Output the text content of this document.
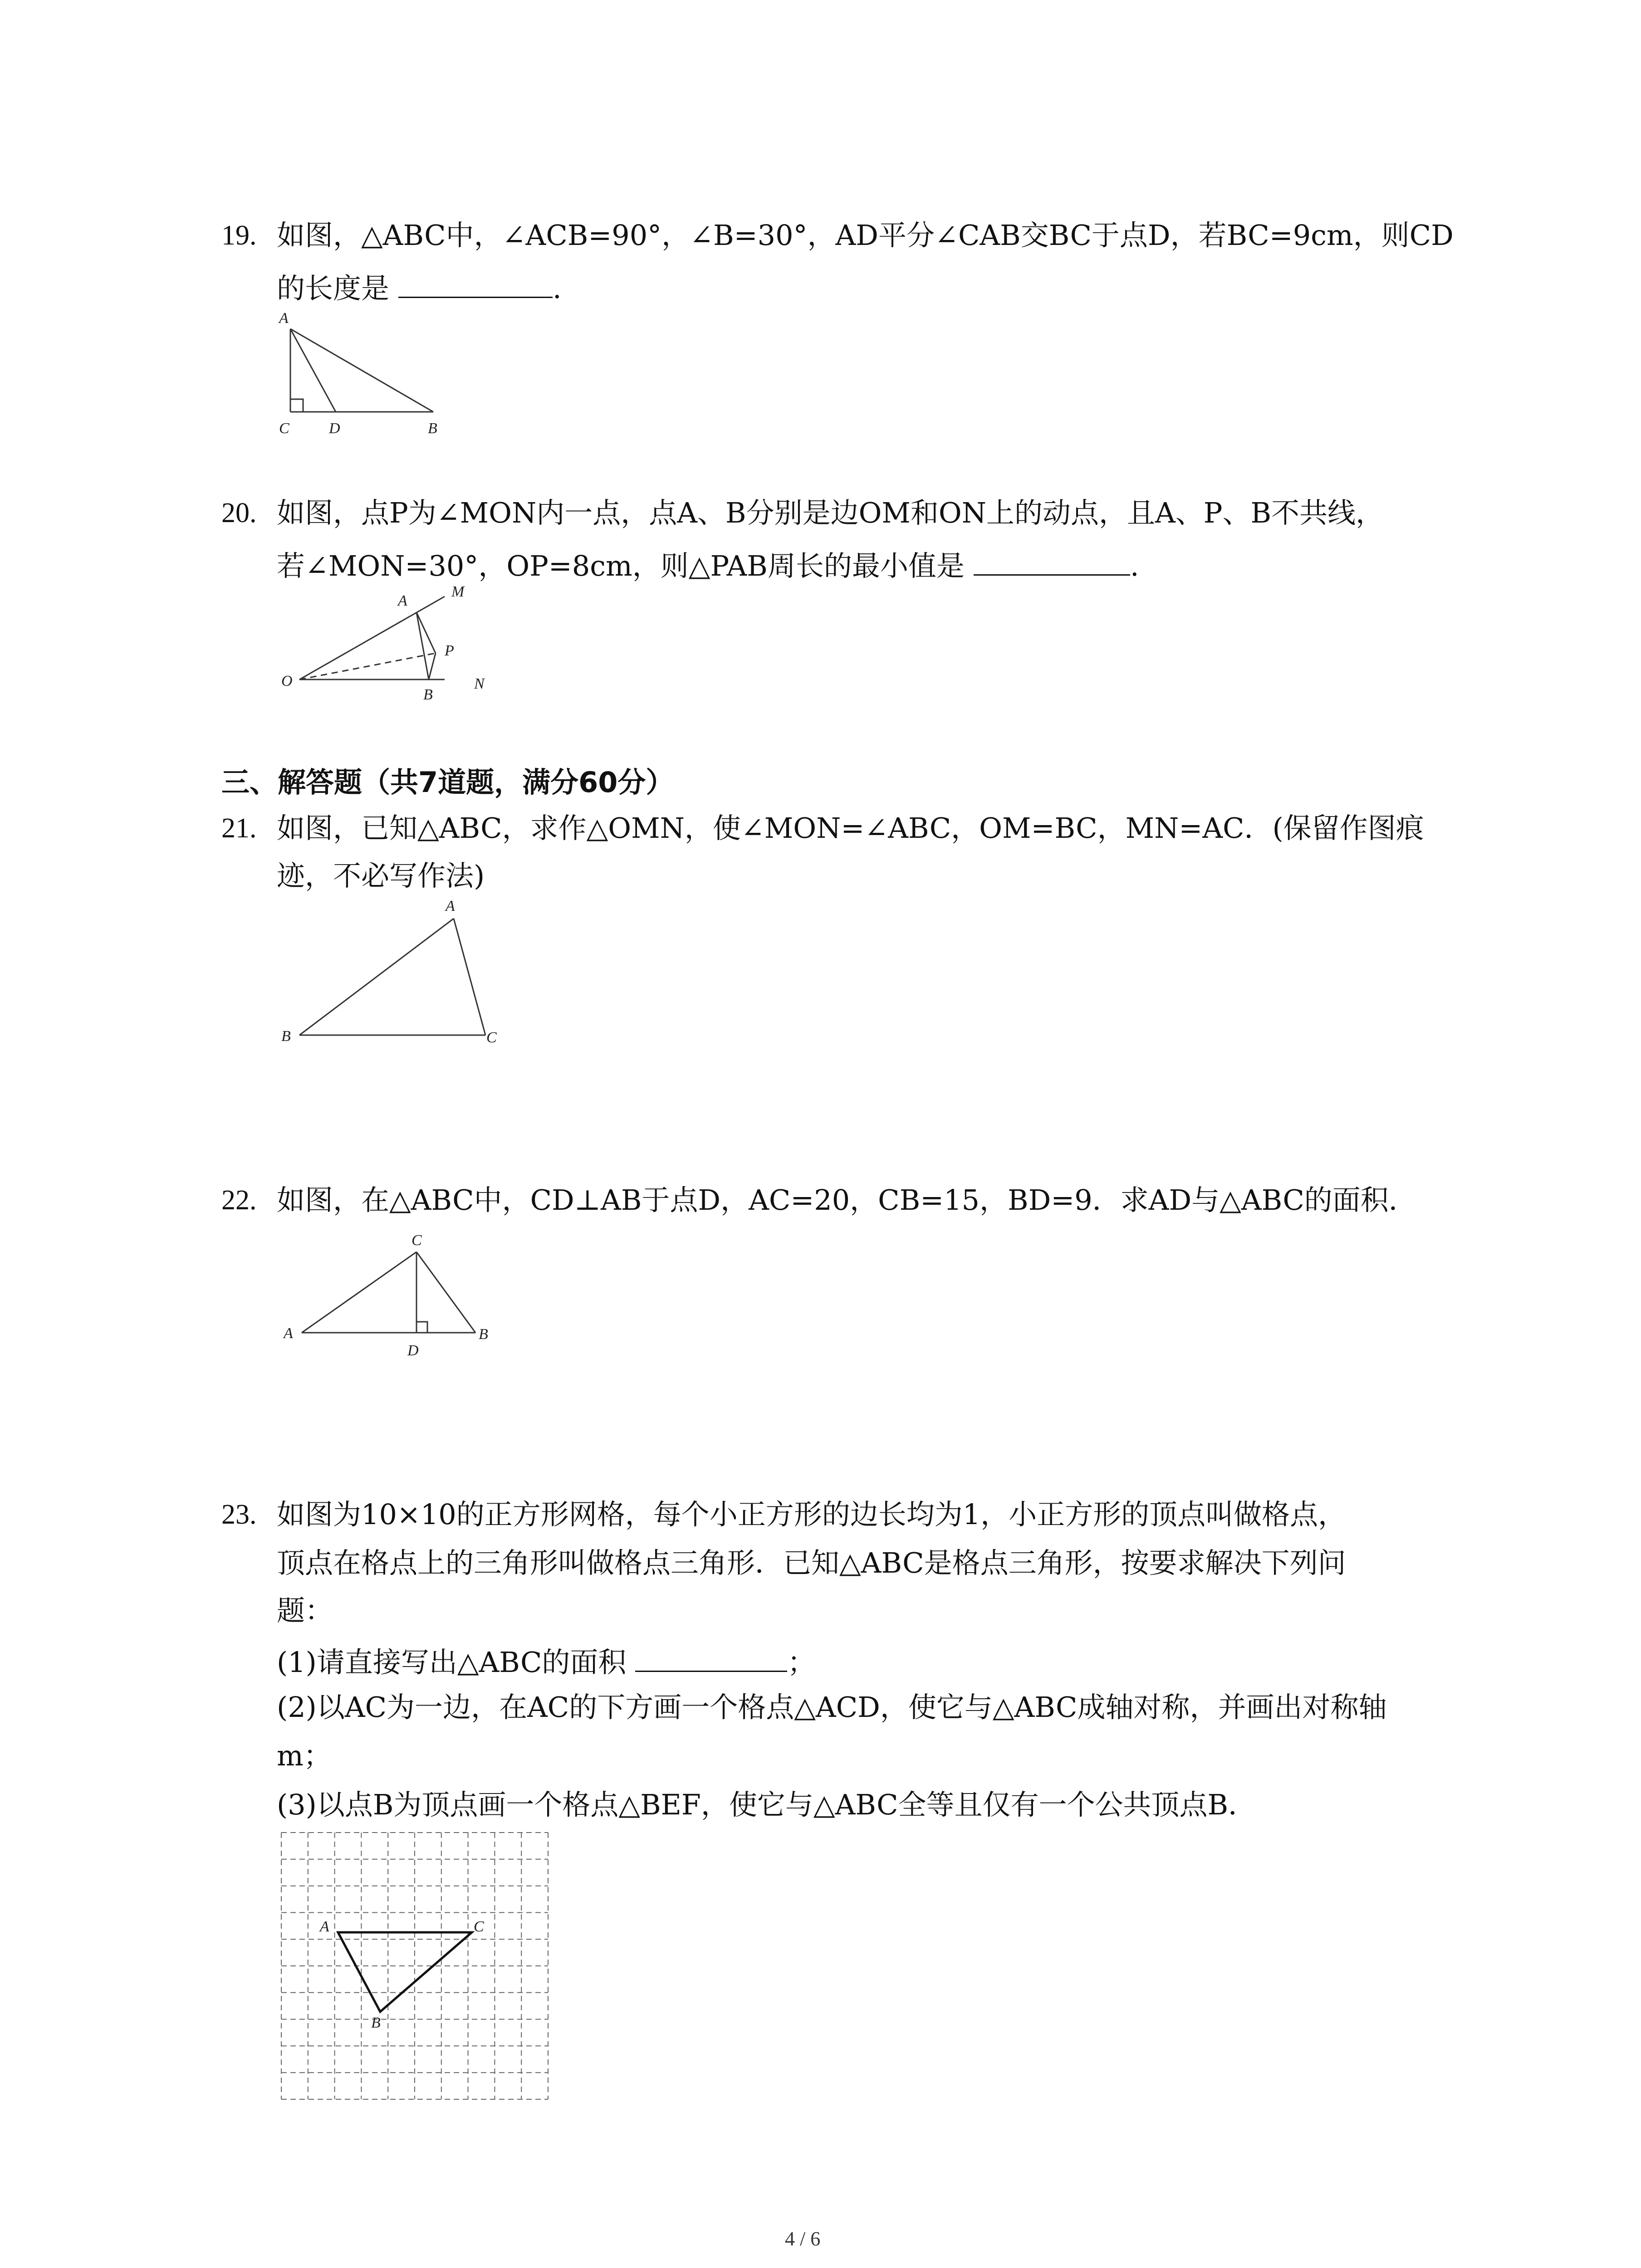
19. 如图，△ABC中，∠ACB=90°，∠B=30°，AD平分∠CAB交BC于点D，若BC=9cm，则CD
的长度是	.
A
C	D	B
20. 如图，点P为∠MON内一点，点A、B分别是边OM和ON上的动点，且A、P、B不共线，
若∠MON=30°，OP=8cm，则△PAB周长的最小值是	.
A
M
P
O
B
N
三、解答题（共7道题，满分60分）
21. 如图，已知△ABC，求作△OMN，使∠MON=∠ABC，OM=BC，MN=AC．(保留作图痕
迹，不必写作法)
A
B	C
22. 如图，在△ABC中，CD⊥AB于点D，AC=20，CB=15，BD=9．求AD与△ABC的面积．
C
A
D
B
23. 如图为10×10的正方形网格，每个小正方形的边长均为1，小正方形的顶点叫做格点，
顶点在格点上的三角形叫做格点三角形．已知△ABC是格点三角形，按要求解决下列问
题：
(1)请直接写出△ABC的面积	；
(2)以AC为一边，在AC的下方画一个格点△ACD，使它与△ABC成轴对称，并画出对称轴
m；
(3)以点B为顶点画一个格点△BEF，使它与△ABC全等且仅有一个公共顶点B．
A	C
B
4 / 6
